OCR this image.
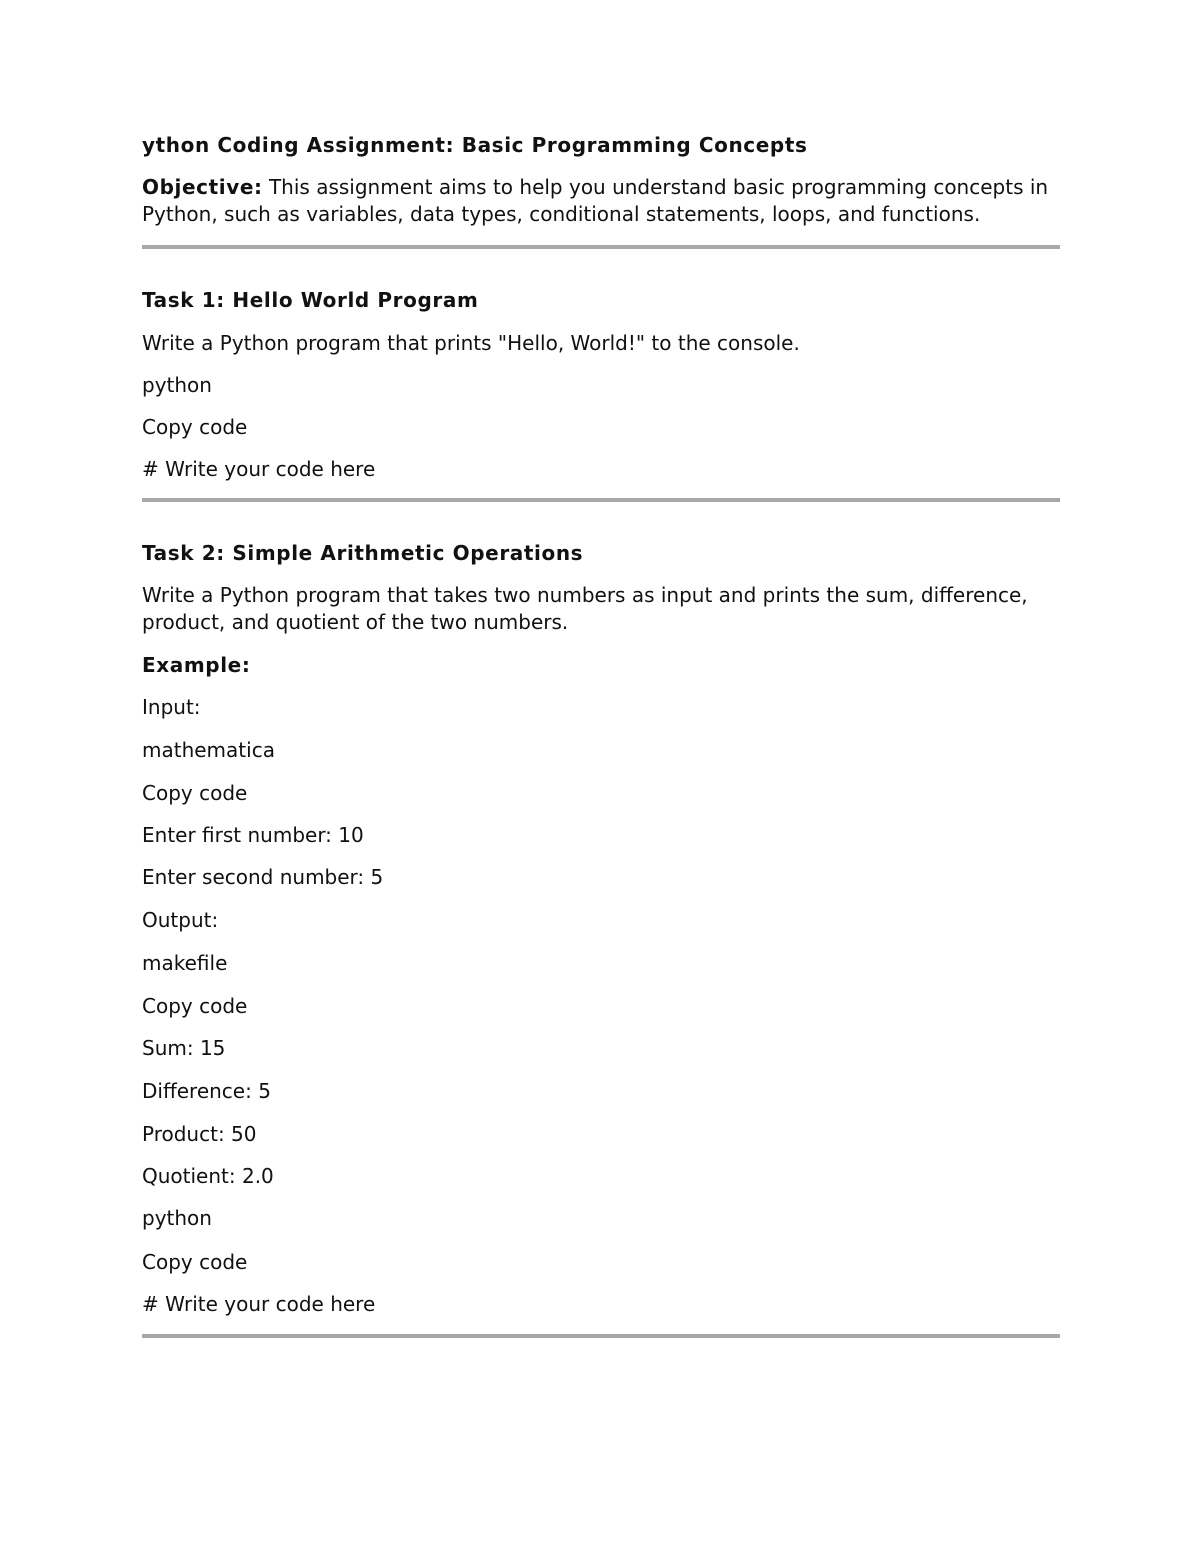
ython Coding Assignment: Basic Programming Concepts

Objective: This assignment aims to help you understand basic programming concepts in Python, such as variables, data types, conditional statements, loops, and functions.

Task 1: Hello World Program

Write a Python program that prints "Hello, World!" to the console.

python

Copy code

# Write your code here

Task 2: Simple Arithmetic Operations

Write a Python program that takes two numbers as input and prints the sum, difference, product, and quotient of the two numbers.

Example:

Input:

mathematica

Copy code

Enter first number: 10

Enter second number: 5

Output:

makefile

Copy code

Sum: 15

Difference: 5

Product: 50

Quotient: 2.0

python

Copy code

# Write your code here
